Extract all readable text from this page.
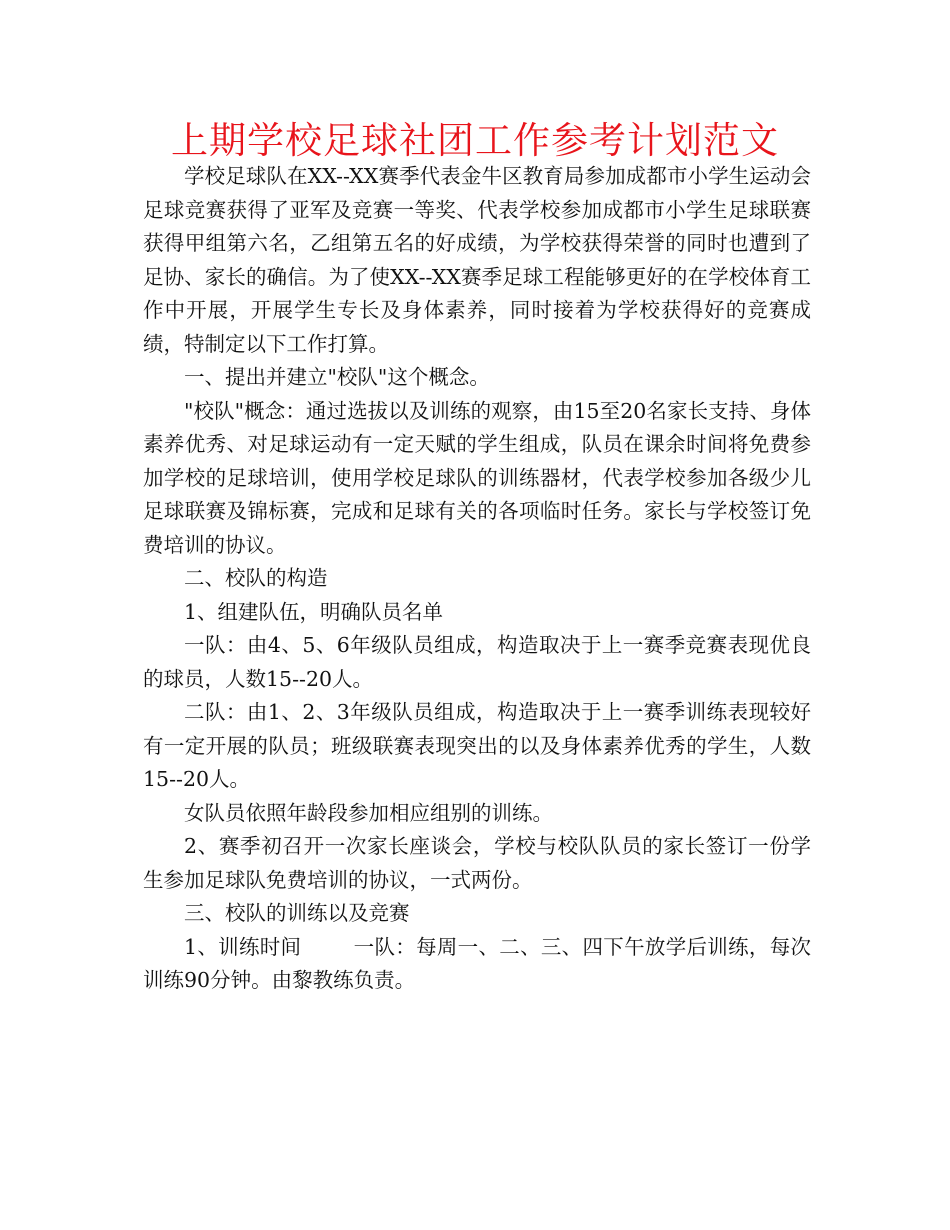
上期学校足球社团工作参考计划范文

学校足球队在XX--XX赛季代表金牛区教育局参加成都市小学生运动会足球竞赛获得了亚军及竞赛一等奖、代表学校参加成都市小学生足球联赛获得甲组第六名，乙组第五名的好成绩，为学校获得荣誉的同时也遭到了足协、家长的确信。为了使XX--XX赛季足球工程能够更好的在学校体育工作中开展，开展学生专长及身体素养，同时接着为学校获得好的竞赛成绩，特制定以下工作打算。

一、提出并建立"校队"这个概念。

"校队"概念：通过选拔以及训练的观察，由15至20名家长支持、身体素养优秀、对足球运动有一定天赋的学生组成，队员在课余时间将免费参加学校的足球培训，使用学校足球队的训练器材，代表学校参加各级少儿足球联赛及锦标赛，完成和足球有关的各项临时任务。家长与学校签订免费培训的协议。

二、校队的构造

1、组建队伍，明确队员名单

一队：由4、5、6年级队员组成，构造取决于上一赛季竞赛表现优良的球员，人数15--20人。

二队：由1、2、3年级队员组成，构造取决于上一赛季训练表现较好有一定开展的队员；班级联赛表现突出的以及身体素养优秀的学生，人数15--20人。

女队员依照年龄段参加相应组别的训练。

2、赛季初召开一次家长座谈会，学校与校队队员的家长签订一份学生参加足球队免费培训的协议，一式两份。

三、校队的训练以及竞赛

1、训练时间	一队：每周一、二、三、四下午放学后训练，每次训练90分钟。由黎教练负责。
